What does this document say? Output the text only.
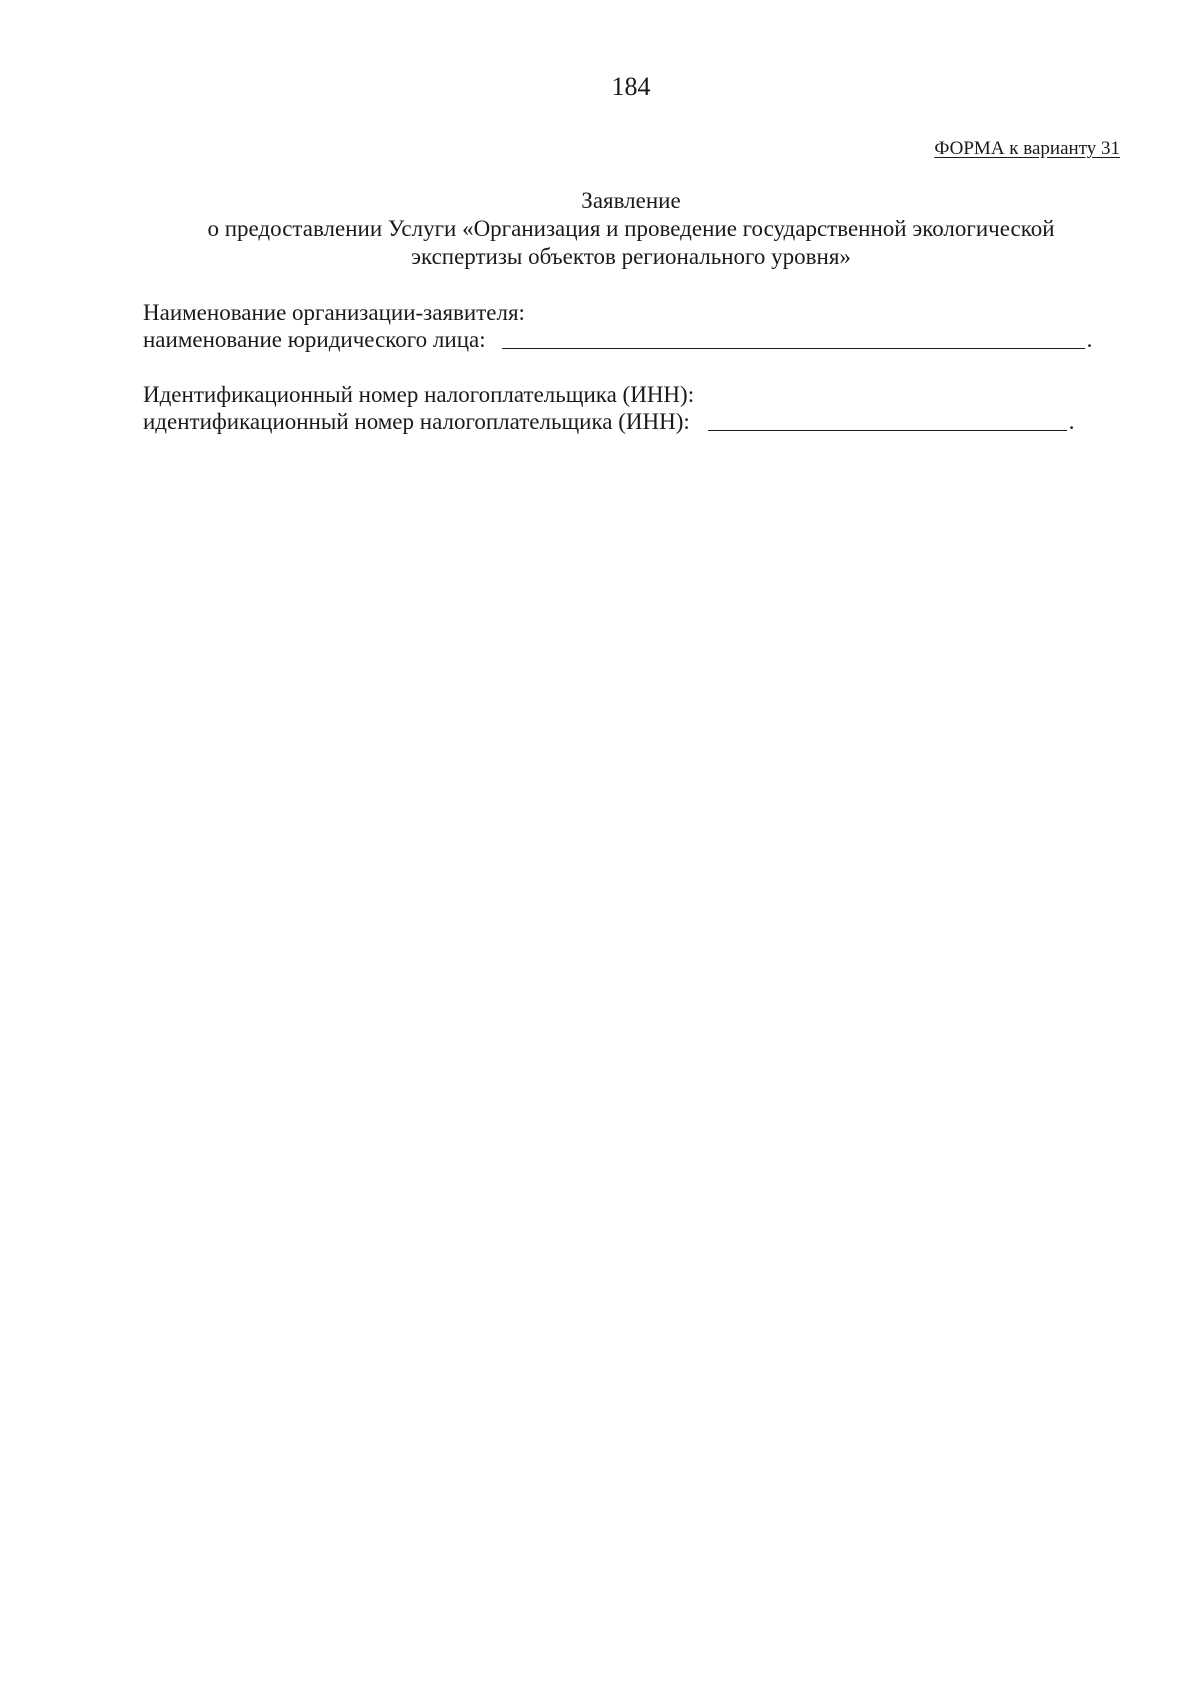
184
ФОРМА к варианту 31
Заявление
о предоставлении Услуги «Организация и проведение государственной экологической
экспертизы объектов регионального уровня»
Наименование организации-заявителя:
наименование юридического лица:	.
Идентификационный номер налогоплательщика (ИНН):
идентификационный номер налогоплательщика (ИНН):	.
